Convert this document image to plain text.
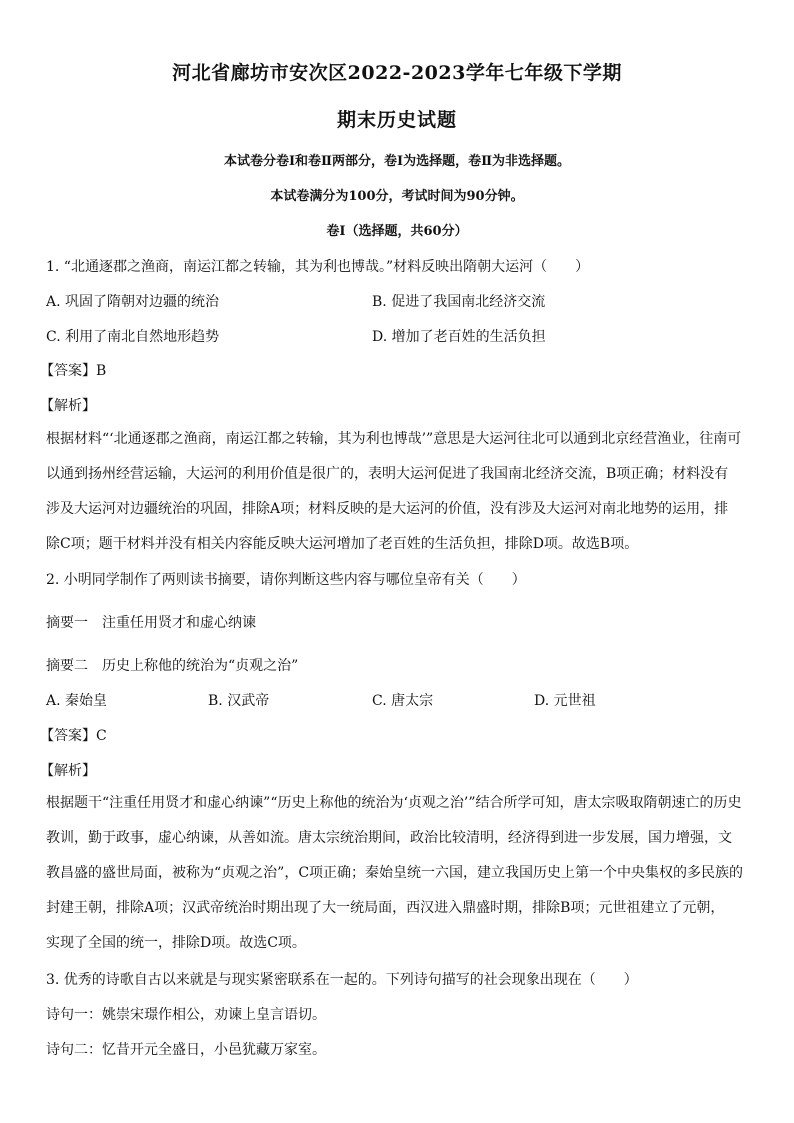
河北省廊坊市安次区2022-2023学年七年级下学期
期末历史试题
本试卷分卷Ⅰ和卷Ⅱ两部分，卷Ⅰ为选择题，卷Ⅱ为非选择题。
本试卷满分为100分，考试时间为90分钟。
卷Ⅰ（选择题，共60分）
1. “北通逐郡之渔商，南运江都之转输，其为利也博哉。”材料反映出隋朝大运河（　　）
A. 巩固了隋朝对边疆的统治	B. 促进了我国南北经济交流
C. 利用了南北自然地形趋势	D. 增加了老百姓的生活负担
【答案】B
【解析】
根据材料“‘北通逐郡之渔商，南运江都之转输，其为利也博哉’”意思是大运河往北可以通到北京经营渔业，往南可
以通到扬州经营运输，大运河的利用价值是很广的，表明大运河促进了我国南北经济交流，B项正确；材料没有
涉及大运河对边疆统治的巩固，排除A项；材料反映的是大运河的价值，没有涉及大运河对南北地势的运用，排
除C项；题干材料并没有相关内容能反映大运河增加了老百姓的生活负担，排除D项。故选B项。
2. 小明同学制作了两则读书摘要，请你判断这些内容与哪位皇帝有关（　　）
摘要一　注重任用贤才和虚心纳谏
摘要二　历史上称他的统治为“贞观之治”
A. 秦始皇	B. 汉武帝	C. 唐太宗	D. 元世祖
【答案】C
【解析】
根据题干“注重任用贤才和虚心纳谏”“历史上称他的统治为‘贞观之治’”结合所学可知，唐太宗吸取隋朝速亡的历史
教训，勤于政事，虚心纳谏，从善如流。唐太宗统治期间，政治比较清明，经济得到进一步发展，国力增强，文
教昌盛的盛世局面，被称为“贞观之治”，C项正确；秦始皇统一六国，建立我国历史上第一个中央集权的多民族的
封建王朝，排除A项；汉武帝统治时期出现了大一统局面，西汉进入鼎盛时期，排除B项；元世祖建立了元朝，
实现了全国的统一，排除D项。故选C项。
3. 优秀的诗歌自古以来就是与现实紧密联系在一起的。下列诗句描写的社会现象出现在（　　）
诗句一：姚崇宋璟作相公，劝谏上皇言语切。
诗句二：忆昔开元全盛日，小邑犹藏万家室。
